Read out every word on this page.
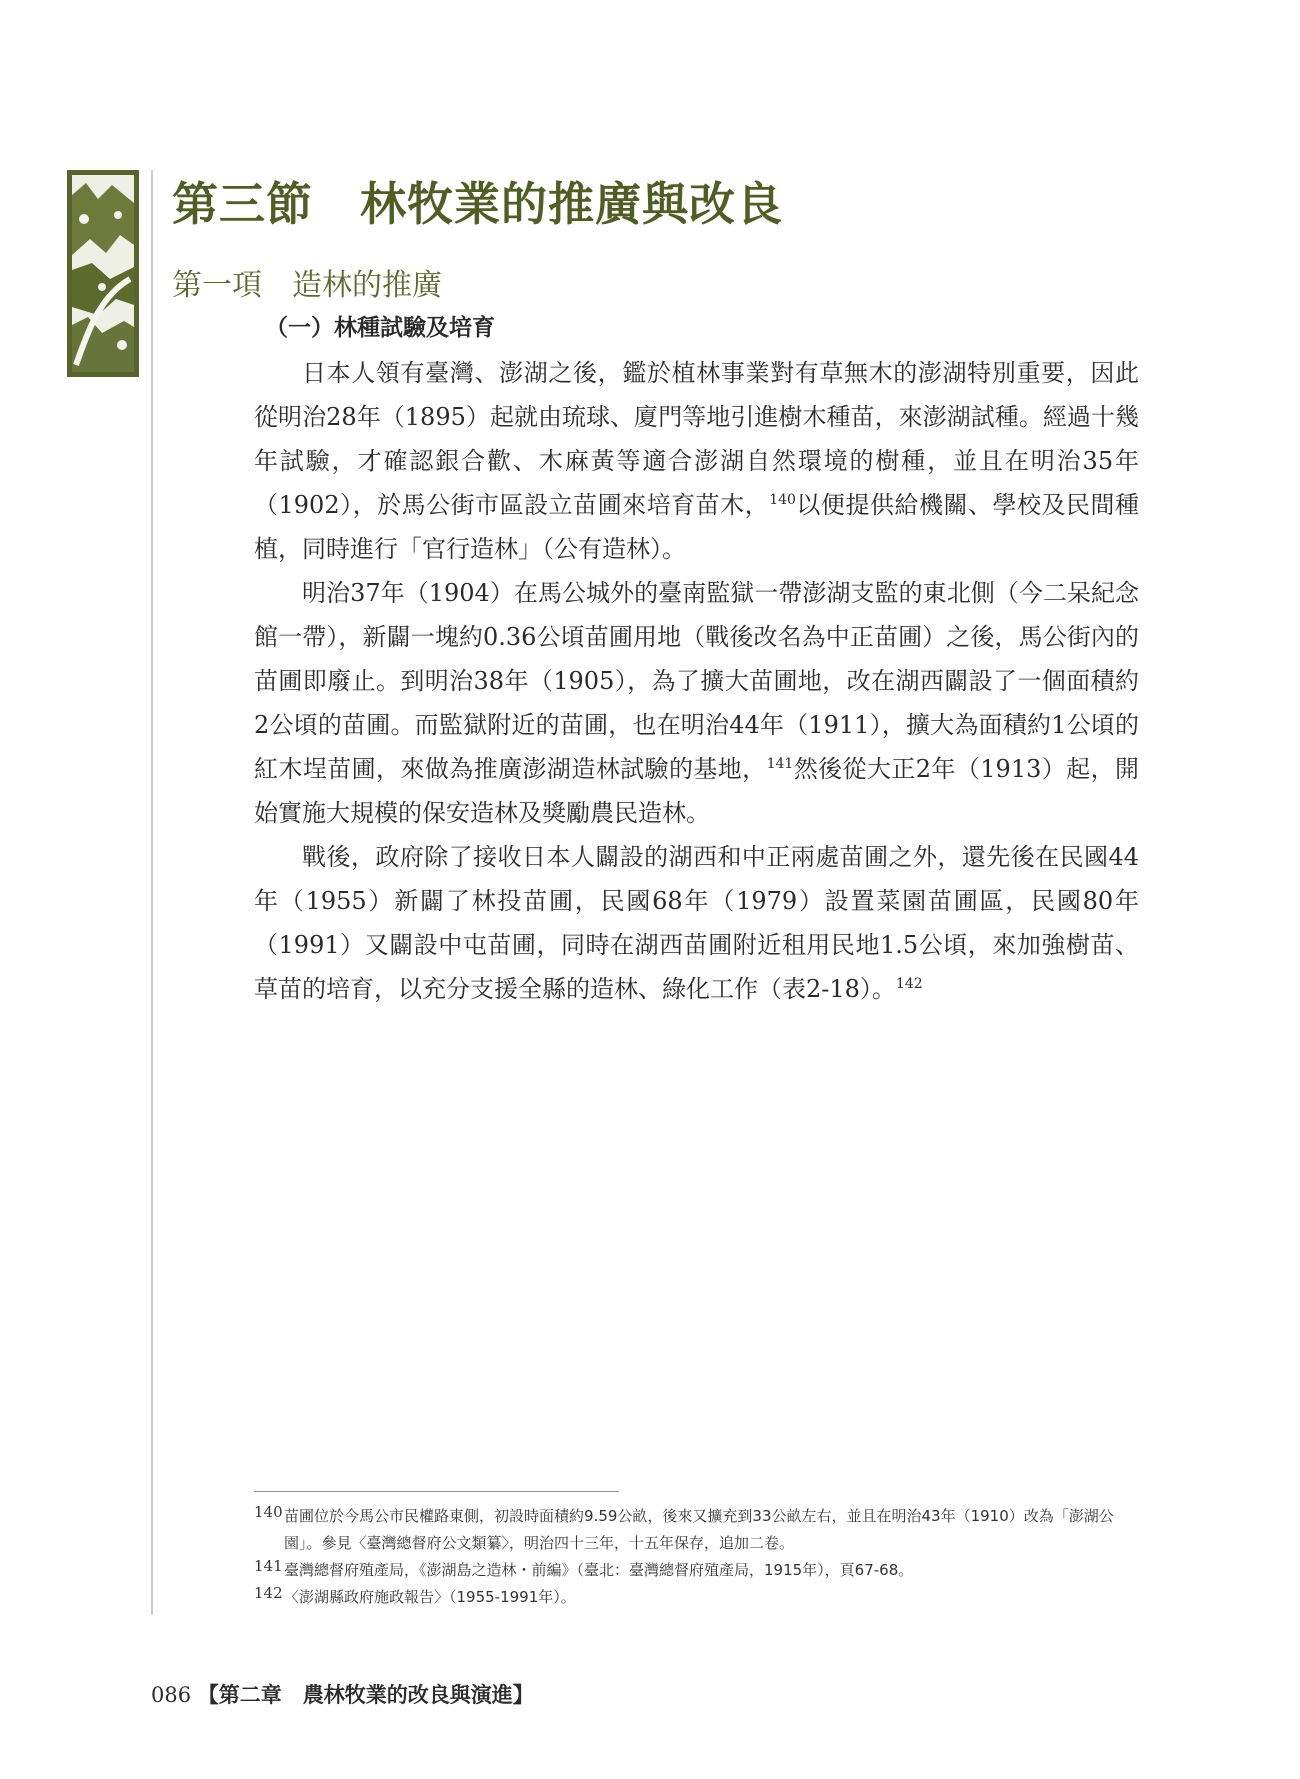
第三節　林牧業的推廣與改良
第一項　造林的推廣
（一）林種試驗及培育

日本人領有臺灣、澎湖之後，鑑於植林事業對有草無木的澎湖特別重要，因此從明治28年（1895）起就由琉球、廈門等地引進樹木種苗，來澎湖試種。經過十幾年試驗，才確認銀合歡、木麻黃等適合澎湖自然環境的樹種，並且在明治35年（1902），於馬公街市區設立苗圃來培育苗木，$^{140}$以便提供給機關、學校及民間種植，同時進行「官行造林」（公有造林）。

明治37年（1904）在馬公城外的臺南監獄一帶澎湖支監的東北側（今二呆紀念館一帶），新闢一塊約0.36公頃苗圃用地（戰後改名為中正苗圃）之後，馬公街內的苗圃即廢止。到明治38年（1905），為了擴大苗圃地，改在湖西闢設了一個面積約2公頃的苗圃。而監獄附近的苗圃，也在明治44年（1911），擴大為面積約1公頃的紅木埕苗圃，來做為推廣澎湖造林試驗的基地，$^{141}$然後從大正2年（1913）起，開始實施大規模的保安造林及獎勵農民造林。

戰後，政府除了接收日本人闢設的湖西和中正兩處苗圃之外，還先後在民國44年（1955）新闢了林投苗圃，民國68年（1979）設置菜園苗圃區，民國80年（1991）又闢設中屯苗圃，同時在湖西苗圃附近租用民地1.5公頃，來加強樹苗、草苗的培育，以充分支援全縣的造林、綠化工作（表2-18）。$^{142}$

140 苗圃位於今馬公市民權路東側，初設時面積約9.59公畝，後來又擴充到33公畝左右，並且在明治43年（1910）改為「澎湖公園」。參見〈臺灣總督府公文類纂〉，明治四十三年，十五年保存，追加二卷。
141 臺灣總督府殖產局，《澎湖島之造林・前編》（臺北：臺灣總督府殖產局，1915年），頁67-68。
142 〈澎湖縣政府施政報告〉（1955-1991年）。
086 【第二章　農林牧業的改良與演進】
